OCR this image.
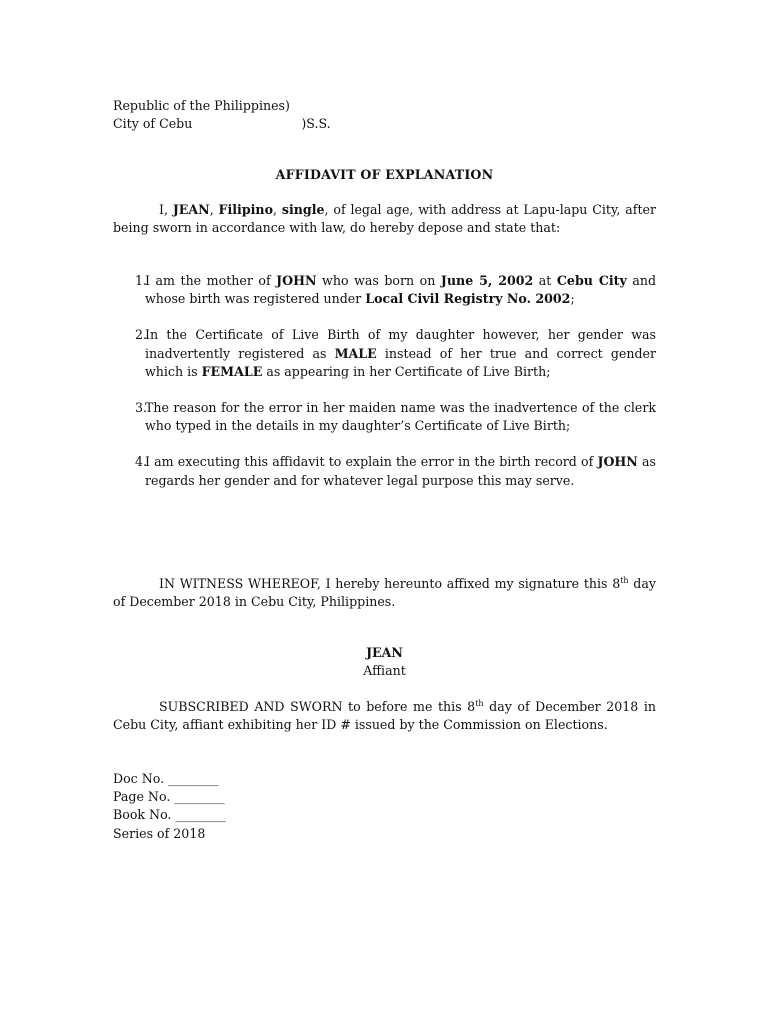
Republic of the Philippines)
City of Cebu	)S.S.
AFFIDAVIT OF EXPLANATION

I, JEAN, Filipino, single, of legal age, with address at Lapu-lapu City, after being sworn in accordance with law, do hereby depose and state that:

1.
I am the mother of JOHN who was born on June 5, 2002 at Cebu City and whose birth was registered under Local Civil Registry No. 2002;
2.
In the Certificate of Live Birth of my daughter however, her gender was inadvertently registered as MALE instead of her true and correct gender which is FEMALE as appearing in her Certificate of Live Birth;
3.
The reason for the error in her maiden name was the inadvertence of the clerk who typed in the details in my daughter’s Certificate of Live Birth;
4.
I am executing this affidavit to explain the error in the birth record of JOHN as regards her gender and for whatever legal purpose this may serve.

IN WITNESS WHEREOF, I hereby hereunto affixed my signature this 8th day of December 2018 in Cebu City, Philippines.

JEAN
Affiant

SUBSCRIBED AND SWORN to before me this 8th day of December 2018 in Cebu City, affiant exhibiting her ID # issued by the Commission on Elections.

Doc No. ________
Page No. ________
Book No. ________
Series of 2018
